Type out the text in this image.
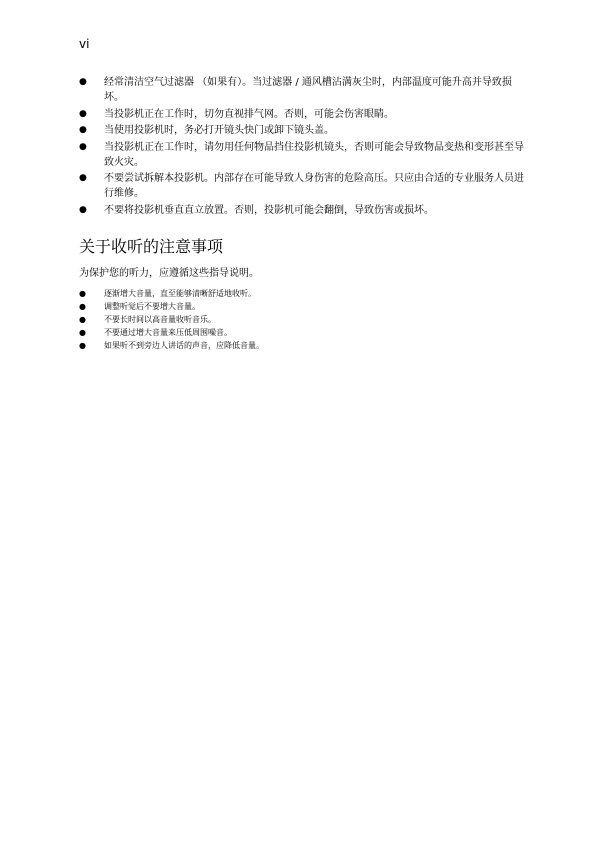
vi
● 经常清洁空气过滤器 （如果有）。当过滤器 / 通风槽沾满灰尘时，内部温度可能升高并导致损坏。
● 当投影机正在工作时，切勿直视排气网。否则，可能会伤害眼睛。
● 当使用投影机时，务必打开镜头快门或卸下镜头盖。
● 当投影机正在工作时，请勿用任何物品挡住投影机镜头，否则可能会导致物品变热和变形甚至导致火灾。
● 不要尝试拆解本投影机。内部存在可能导致人身伤害的危险高压。只应由合适的专业服务人员进行维修。
● 不要将投影机垂直直立放置。否则，投影机可能会翻倒，导致伤害或损坏。
关于收听的注意事项
为保护您的听力，应遵循这些指导说明。
● 逐渐增大音量，直至能够清晰舒适地收听。
● 调整听觉后不要增大音量。
● 不要长时间以高音量收听音乐。
● 不要通过增大音量来压低周围噪音。
● 如果听不到旁边人讲话的声音，应降低音量。
